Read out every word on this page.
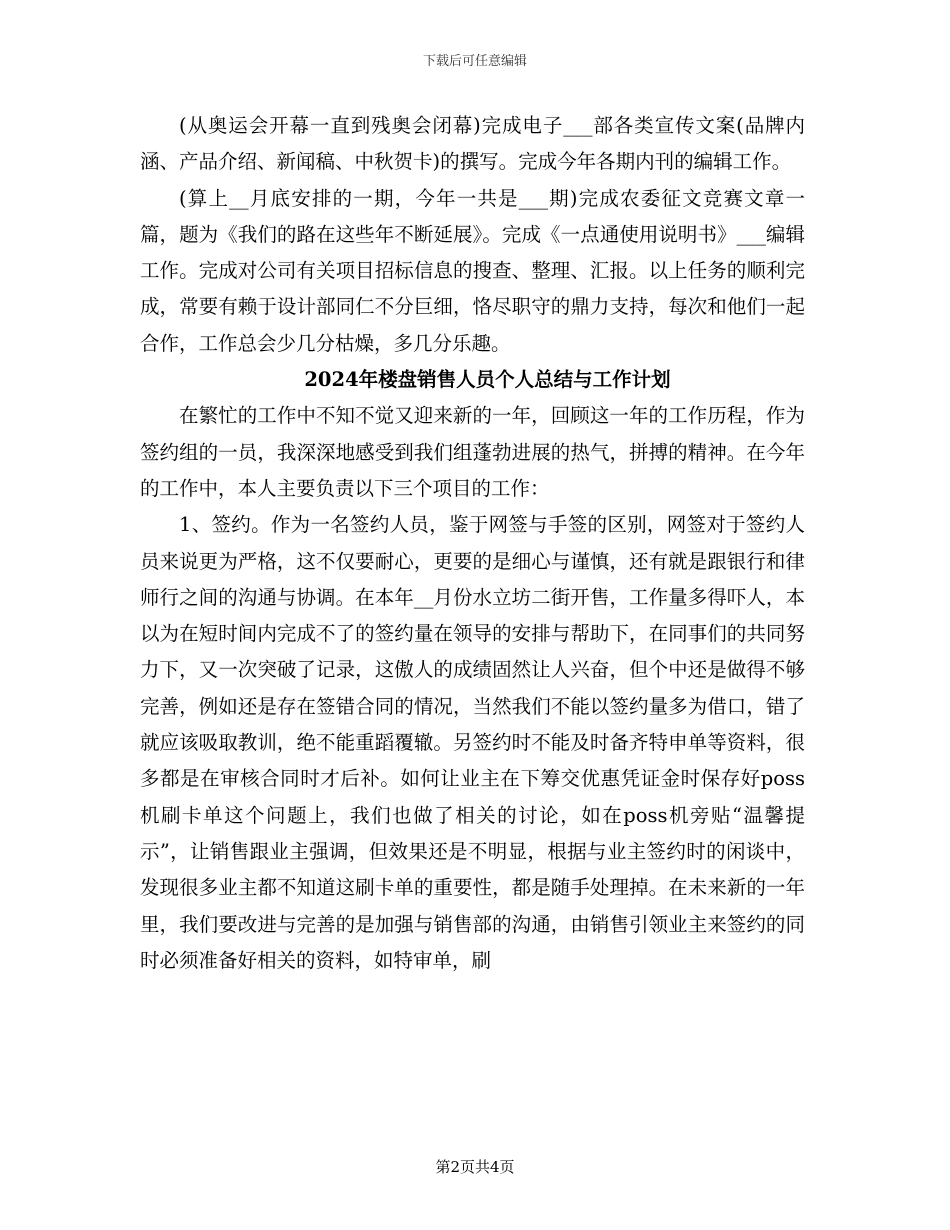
下载后可任意编辑

(从奥运会开幕一直到残奥会闭幕)完成电子___部各类宣传文案(品牌内涵、产品介绍、新闻稿、中秋贺卡)的撰写。完成今年各期内刊的编辑工作。

(算上__月底安排的一期，今年一共是___期)完成农委征文竞赛文章一篇，题为《我们的路在这些年不断延展》。完成《一点通使用说明书》___编辑工作。完成对公司有关项目招标信息的搜查、整理、汇报。以上任务的顺利完成，常要有赖于设计部同仁不分巨细，恪尽职守的鼎力支持，每次和他们一起合作，工作总会少几分枯燥，多几分乐趣。

2024年楼盘销售人员个人总结与工作计划

在繁忙的工作中不知不觉又迎来新的一年，回顾这一年的工作历程，作为签约组的一员，我深深地感受到我们组蓬勃进展的热气，拼搏的精神。在今年的工作中，本人主要负责以下三个项目的工作：

1、签约。作为一名签约人员，鉴于网签与手签的区别，网签对于签约人员来说更为严格，这不仅要耐心，更要的是细心与谨慎，还有就是跟银行和律师行之间的沟通与协调。在本年__月份水立坊二街开售，工作量多得吓人，本以为在短时间内完成不了的签约量在领导的安排与帮助下，在同事们的共同努力下，又一次突破了记录，这傲人的成绩固然让人兴奋，但个中还是做得不够完善，例如还是存在签错合同的情况，当然我们不能以签约量多为借口，错了就应该吸取教训，绝不能重蹈覆辙。另签约时不能及时备齐特申单等资料，很多都是在审核合同时才后补。如何让业主在下筹交优惠凭证金时保存好poss机刷卡单这个问题上，我们也做了相关的讨论，如在poss机旁贴“温馨提示”，让销售跟业主强调，但效果还是不明显，根据与业主签约时的闲谈中，发现很多业主都不知道这刷卡单的重要性，都是随手处理掉。在未来新的一年里，我们要改进与完善的是加强与销售部的沟通，由销售引领业主来签约的同时必须准备好相关的资料，如特审单，刷

第2页共4页
